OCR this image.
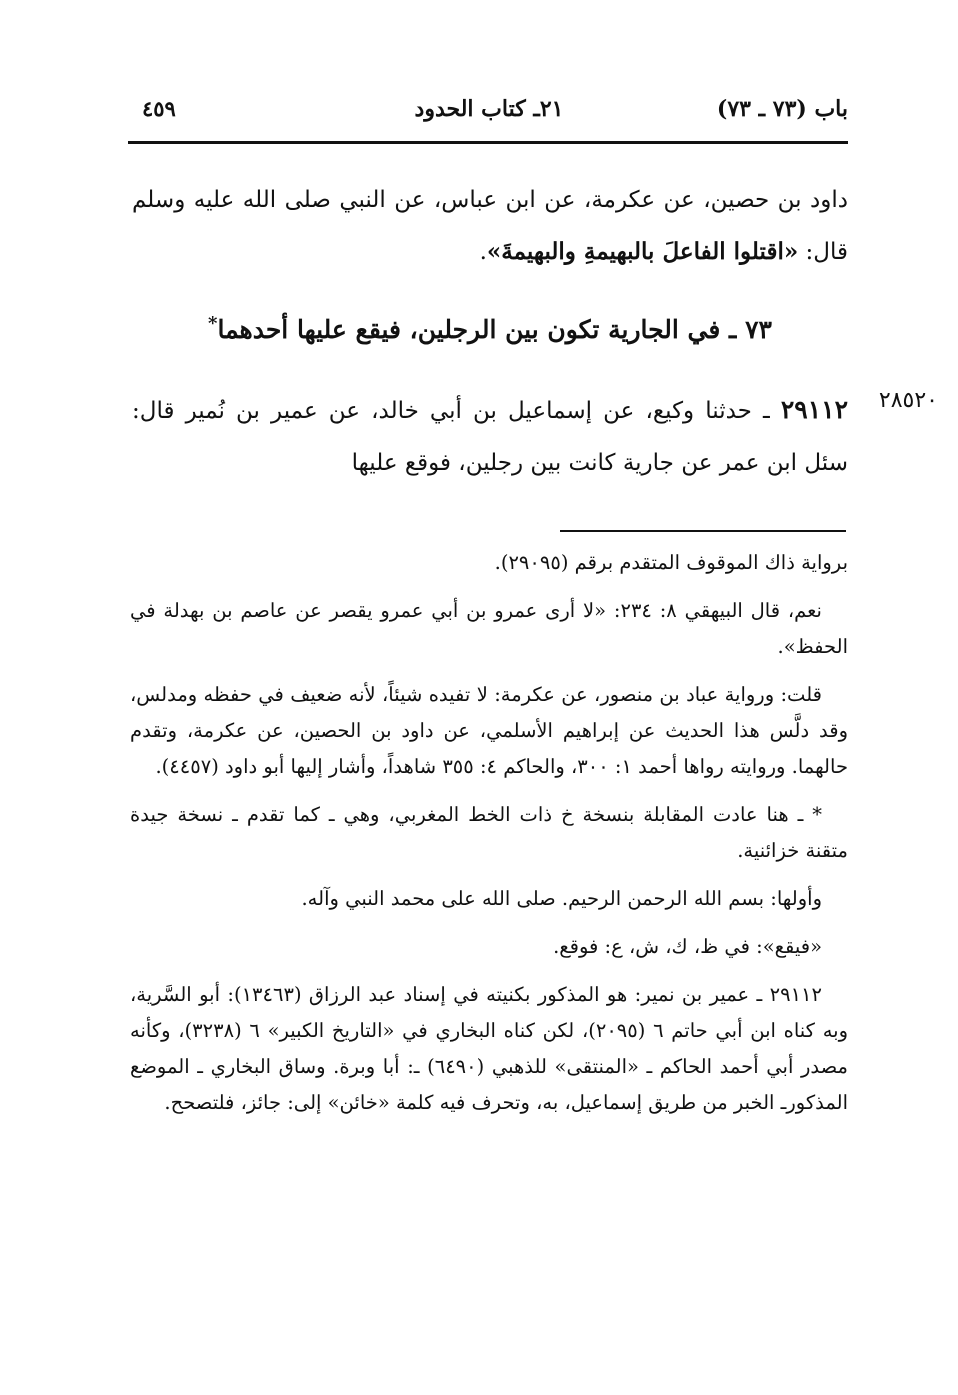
باب (٧٣ ـ ٧٣)
٢١ـ كتاب الحدود
٤٥٩
داود بن حصين، عن عكرمة، عن ابن عباس، عن النبي صلى الله عليه وسلم قال: «اقتلوا الفاعلَ بالبهيمةِ والبهيمةَ».
٧٣ ـ في الجارية تكون بين الرجلين، فيقع عليها أحدهما*
٢٨٥٢٠
٢٩١١٢ ـ حدثنا وكيع، عن إسماعيل بن أبي خالد، عن عمير بن نُمير قال: سئل ابن عمر عن جارية كانت بين رجلين، فوقع عليها

برواية ذاك الموقوف المتقدم برقم (٢٩٠٩٥).

نعم، قال البيهقي ٨: ٢٣٤: «لا أرى عمرو بن أبي عمرو يقصر عن عاصم بن بهدلة في الحفظ».

قلت: ورواية عباد بن منصور، عن عكرمة: لا تفيده شيئاً، لأنه ضعيف في حفظه ومدلس، وقد دلَّس هذا الحديث عن إبراهيم الأسلمي، عن داود بن الحصين، عن عكرمة، وتقدم حالهما. وروايته رواها أحمد ١: ٣٠٠، والحاكم ٤: ٣٥٥ شاهداً، وأشار إليها أبو داود (٤٤٥٧).

* ـ هنا عادت المقابلة بنسخة خ ذات الخط المغربي، وهي ـ كما تقدم ـ نسخة جيدة متقنة خزائنية.

وأولها: بسم الله الرحمن الرحيم. صلى الله على محمد النبي وآله.

«فيقع»: في ظ، ك، ش، ع: فوقع.

٢٩١١٢ ـ عمير بن نمير: هو المذكور بكنيته في إسناد عبد الرزاق (١٣٤٦٣): أبو السَّرية، وبه كناه ابن أبي حاتم ٦ (٢٠٩٥)، لكن كناه البخاري في «التاريخ الكبير» ٦ (٣٢٣٨)، وكأنه مصدر أبي أحمد الحاكم ـ «المنتقى» للذهبي (٦٤٩٠) ـ: أبا وبرة. وساق البخاري ـ الموضع المذكورـ الخبر من طريق إسماعيل، به، وتحرف فيه كلمة «خائن» إلى: جائز، فلتصحح.
